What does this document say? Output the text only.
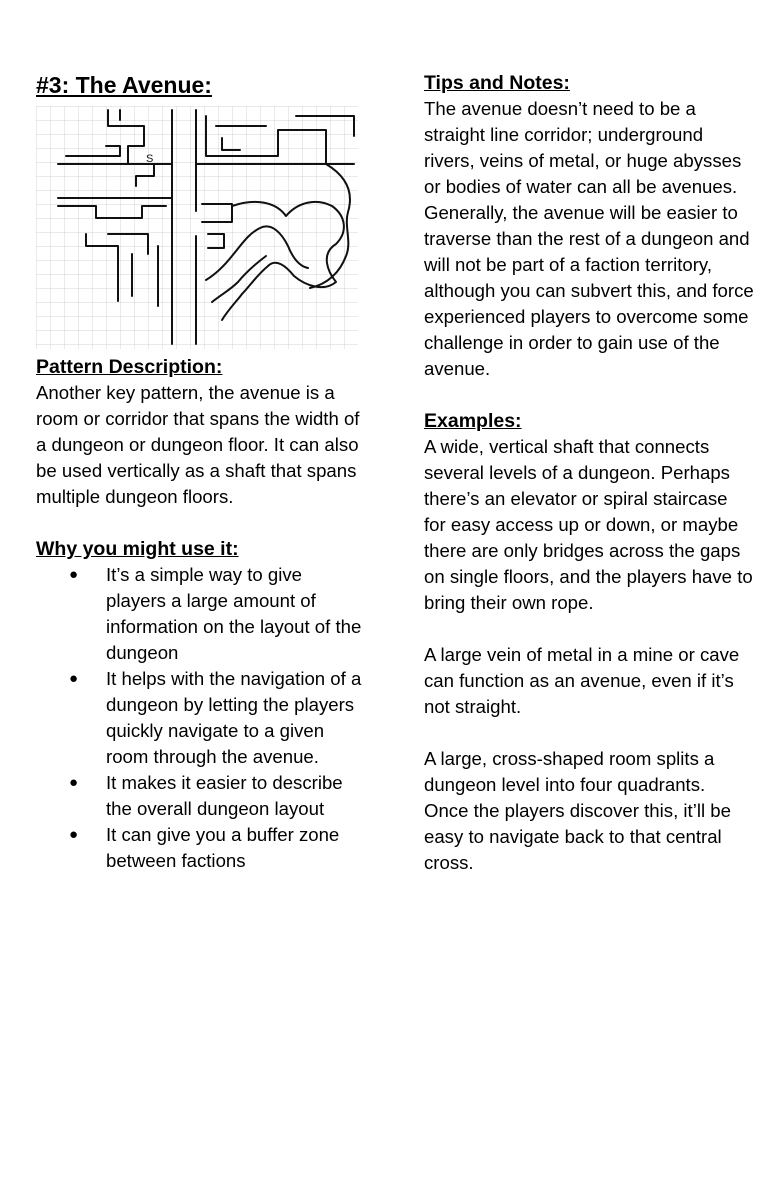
#3: The Avenue:
S
Pattern Description:

Another key pattern, the avenue is a room or corridor that spans the width of a dungeon or dungeon floor. It can also be used vertically as a shaft that spans multiple dungeon floors.

Why you might use it:
● It’s a simple way to give players a large amount of information on the layout of the dungeon
● It helps with the navigation of a dungeon by letting the players quickly navigate to a given room through the avenue.
● It makes it easier to describe the overall dungeon layout
● It can give you a buffer zone between factions
Tips and Notes:

The avenue doesn’t need to be a straight line corridor; underground rivers, veins of metal, or huge abysses or bodies of water can all be avenues. Generally, the avenue will be easier to traverse than the rest of a dungeon and will not be part of a faction territory, although you can subvert this, and force experienced players to overcome some challenge in order to gain use of the avenue.

Examples:

A wide, vertical shaft that connects several levels of a dungeon. Perhaps there’s an elevator or spiral staircase for easy access up or down, or maybe there are only bridges across the gaps on single floors, and the players have to bring their own rope.

A large vein of metal in a mine or cave can function as an avenue, even if it’s not straight.

A large, cross-shaped room splits a dungeon level into four quadrants. Once the players discover this, it’ll be easy to navigate back to that central cross.
